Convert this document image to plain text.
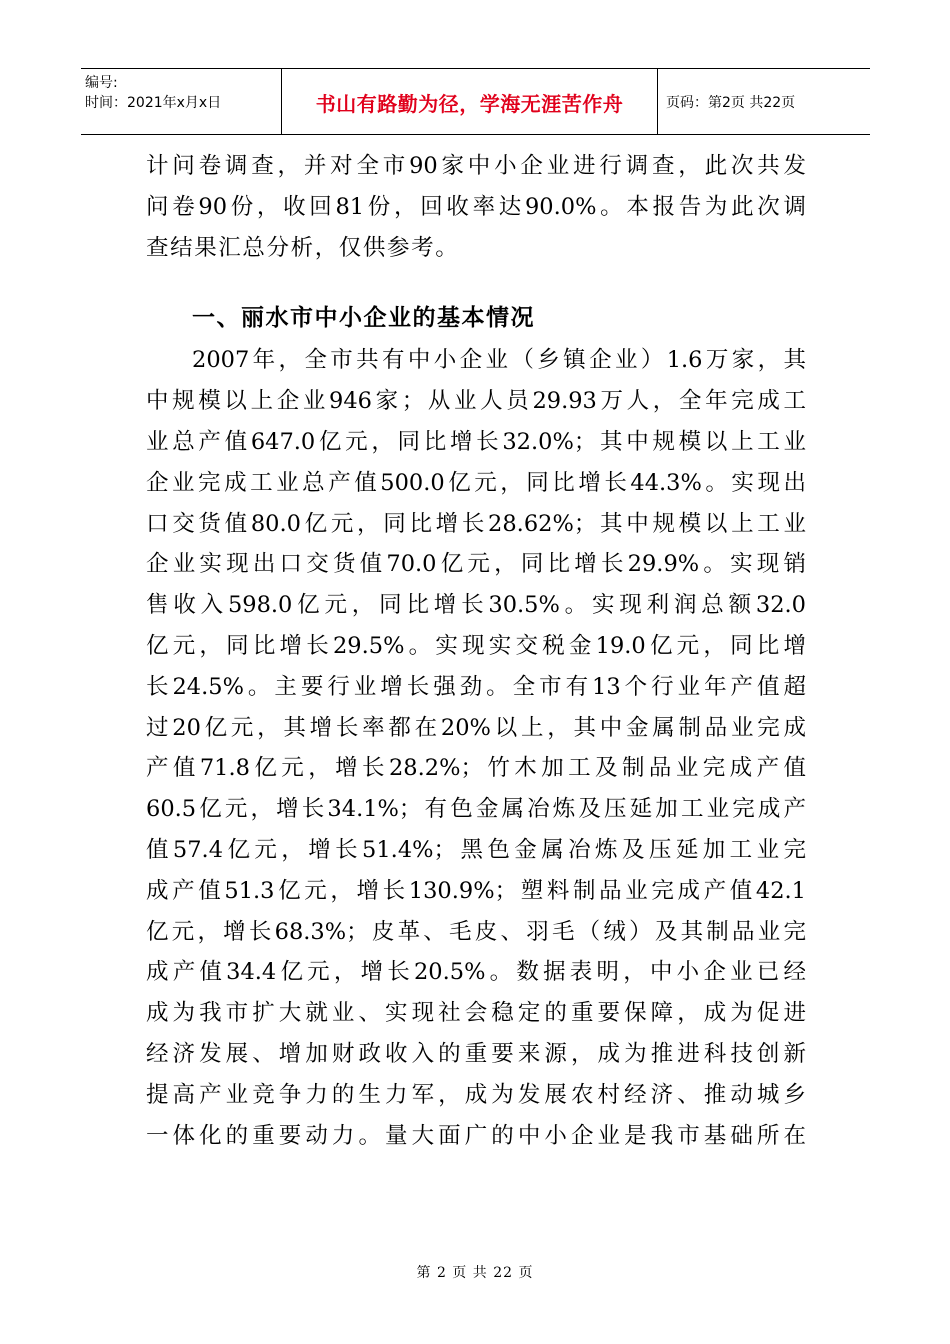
编号:
时间：2021年x月x日	书山有路勤为径，学海无涯苦作舟	页码：第2页 共22页
计问卷调查，并对全市90家中小企业进行调查，此次共发
问卷90份，收回81份，回收率达90.0%。本报告为此次调
查结果汇总分析，仅供参考。
一、丽水市中小企业的基本情况
2007年，全市共有中小企业（乡镇企业）1.6万家，其
中规模以上企业946家；从业人员29.93万人，全年完成工
业总产值647.0亿元，同比增长32.0%；其中规模以上工业
企业完成工业总产值500.0亿元，同比增长44.3%。实现出
口交货值80.0亿元，同比增长28.62%；其中规模以上工业
企业实现出口交货值70.0亿元，同比增长29.9%。实现销
售收入598.0亿元，同比增长30.5%。实现利润总额32.0
亿元，同比增长29.5%。实现实交税金19.0亿元，同比增
长24.5%。主要行业增长强劲。全市有13个行业年产值超
过20亿元，其增长率都在20%以上，其中金属制品业完成
产值71.8亿元，增长28.2%；竹木加工及制品业完成产值
60.5亿元，增长34.1%；有色金属冶炼及压延加工业完成产
值57.4亿元，增长51.4%；黑色金属冶炼及压延加工业完
成产值51.3亿元，增长130.9%；塑料制品业完成产值42.1
亿元，增长68.3%；皮革、毛皮、羽毛（绒）及其制品业完
成产值34.4亿元，增长20.5%。数据表明，中小企业已经
成为我市扩大就业、实现社会稳定的重要保障，成为促进
经济发展、增加财政收入的重要来源，成为推进科技创新
提高产业竞争力的生力军，成为发展农村经济、推动城乡
一体化的重要动力。量大面广的中小企业是我市基础所在
第 2 页 共 22 页
